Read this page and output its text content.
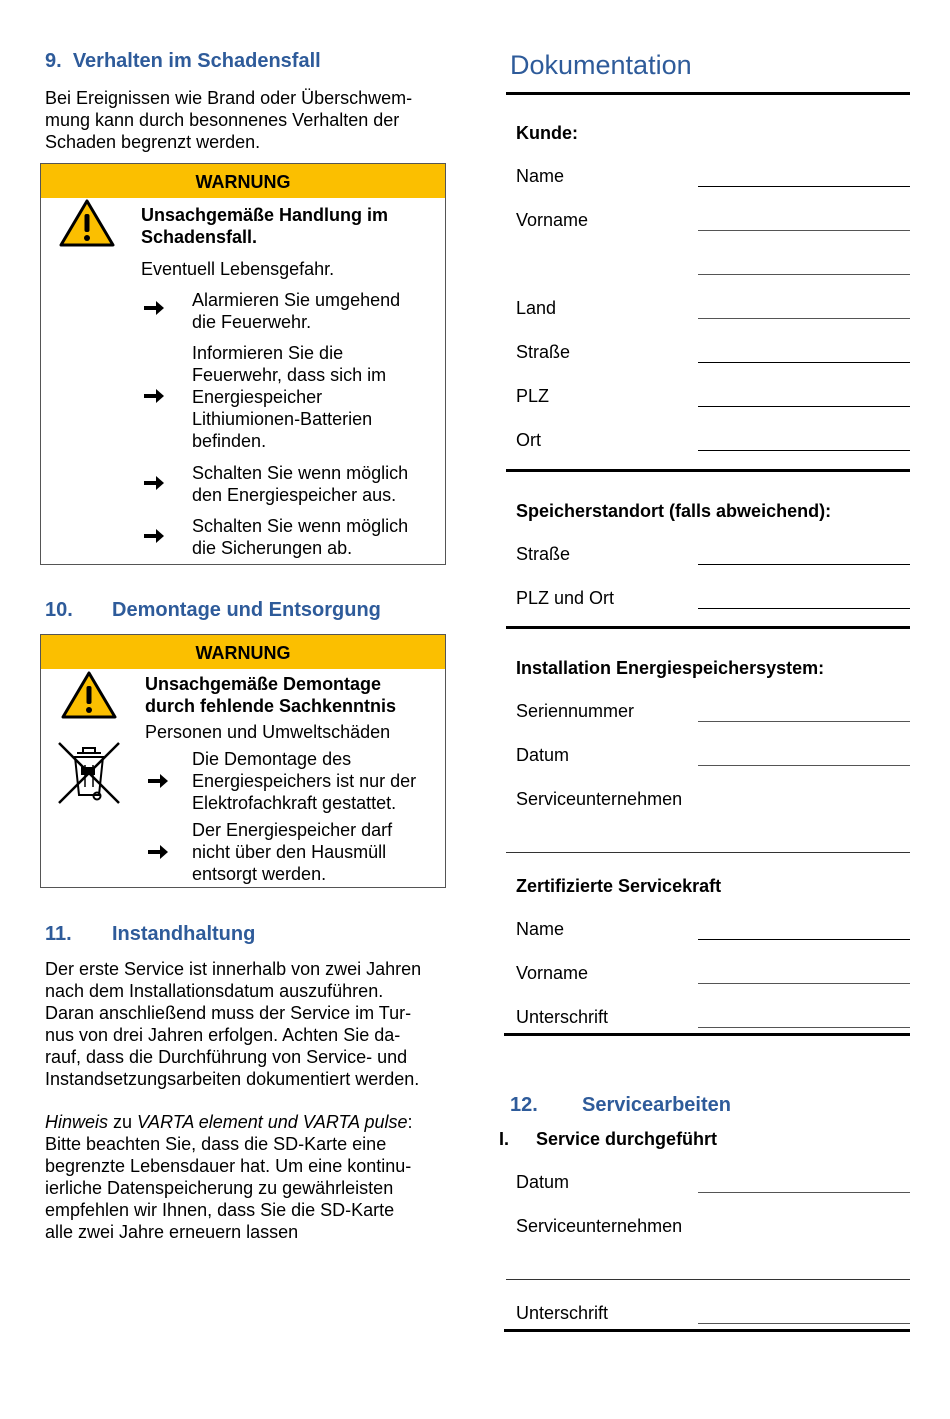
9. Verhalten im Schadensfall
Bei Ereignissen wie Brand oder Überschwem-
mung kann durch besonnenes Verhalten der
Schaden begrenzt werden.
WARNUNG
Unsachgemäße Handlung im
Schadensfall.
Eventuell Lebensgefahr.
Alarmieren Sie umgehend
die Feuerwehr.
Informieren Sie die
Feuerwehr, dass sich im
Energiespeicher
Lithiumionen-Batterien
befinden.
Schalten Sie wenn möglich
den Energiespeicher aus.
Schalten Sie wenn möglich
die Sicherungen ab.
10. Demontage und Entsorgung
WARNUNG
Unsachgemäße Demontage
durch fehlende Sachkenntnis
Personen und Umweltschäden
Die Demontage des
Energiespeichers ist nur der
Elektrofachkraft gestattet.
Der Energiespeicher darf
nicht über den Hausmüll
entsorgt werden.
11. Instandhaltung
Der erste Service ist innerhalb von zwei Jahren
nach dem Installationsdatum auszuführen.
Daran anschließend muss der Service im Tur-
nus von drei Jahren erfolgen. Achten Sie da-
rauf, dass die Durchführung von Service- und
Instandsetzungsarbeiten dokumentiert werden.
Hinweis zu VARTA element und VARTA pulse:
Bitte beachten Sie, dass die SD-Karte eine
begrenzte Lebensdauer hat. Um eine kontinu-
ierliche Datenspeicherung zu gewährleisten
empfehlen wir Ihnen, dass Sie die SD-Karte
alle zwei Jahre erneuern lassen
Dokumentation
Kunde:
Name
Vorname
Land
Straße
PLZ
Ort
Speicherstandort (falls abweichend):
Straße
PLZ und Ort
Installation Energiespeichersystem:
Seriennummer
Datum
Serviceunternehmen
Zertifizierte Servicekraft
Name
Vorname
Unterschrift
12. Servicearbeiten
I. Service durchgeführt
Datum
Serviceunternehmen
Unterschrift
